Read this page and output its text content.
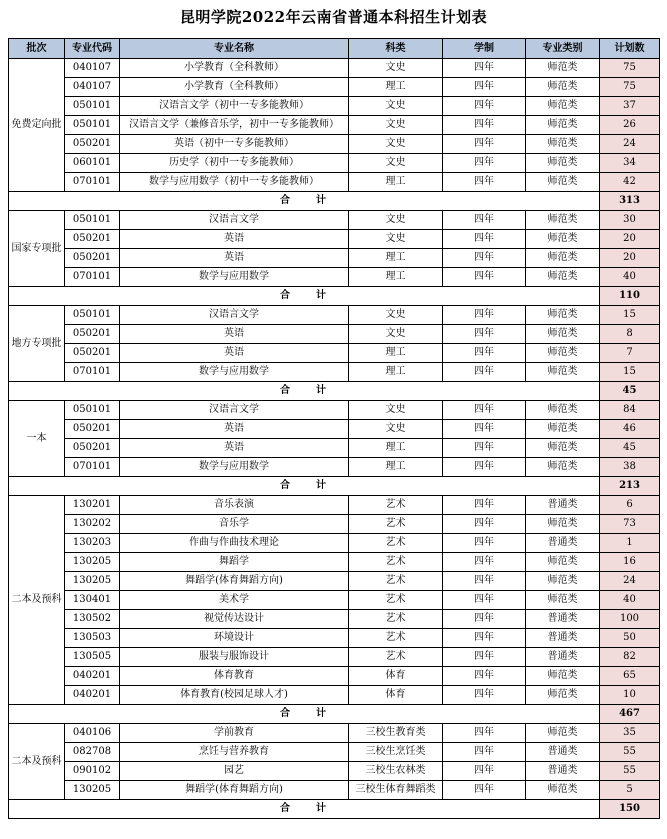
昆明学院2022年云南省普通本科招生计划表
批次	专业代码	专业名称	科类	学制	专业类别	计划数
免费定向批	040107	小学教育（全科教师）	文史	四年	师范类	75
	040107	小学教育（全科教师）	理工	四年	师范类	75
	050101	汉语言文学（初中一专多能教师）	文史	四年	师范类	37
	050101	汉语言文学（兼修音乐学，初中一专多能教师）	文史	四年	师范类	26
	050201	英语（初中一专多能教师）	文史	四年	师范类	24
	060101	历史学（初中一专多能教师）	文史	四年	师范类	34
	070101	数学与应用数学（初中一专多能教师）	理工	四年	师范类	42
合　　计						313
国家专项批	050101	汉语言文学	文史	四年	师范类	30
	050201	英语	文史	四年	师范类	20
	050201	英语	理工	四年	师范类	20
	070101	数学与应用数学	理工	四年	师范类	40
合　　计						110
地方专项批	050101	汉语言文学	文史	四年	师范类	15
	050201	英语	文史	四年	师范类	8
	050201	英语	理工	四年	师范类	7
	070101	数学与应用数学	理工	四年	师范类	15
合　　计						45
一本	050101	汉语言文学	文史	四年	师范类	84
	050201	英语	文史	四年	师范类	46
	050201	英语	理工	四年	师范类	45
	070101	数学与应用数学	理工	四年	师范类	38
合　　计						213
二本及预科	130201	音乐表演	艺术	四年	普通类	6
	130202	音乐学	艺术	四年	师范类	73
	130203	作曲与作曲技术理论	艺术	四年	普通类	1
	130205	舞蹈学	艺术	四年	师范类	16
	130205	舞蹈学(体育舞蹈方向)	艺术	四年	师范类	24
	130401	美术学	艺术	四年	师范类	40
	130502	视觉传达设计	艺术	四年	普通类	100
	130503	环境设计	艺术	四年	普通类	50
	130505	服装与服饰设计	艺术	四年	普通类	82
	040201	体育教育	体育	四年	师范类	65
	040201	体育教育(校园足球人才)	体育	四年	师范类	10
合　　计						467
二本及预科	040106	学前教育	三校生教育类	四年	师范类	35
	082708	烹饪与营养教育	三校生烹饪类	四年	普通类	55
	090102	园艺	三校生农林类	四年	普通类	55
	130205	舞蹈学(体育舞蹈方向)	三校生体育舞蹈类	四年	师范类	5
合　　计						150
